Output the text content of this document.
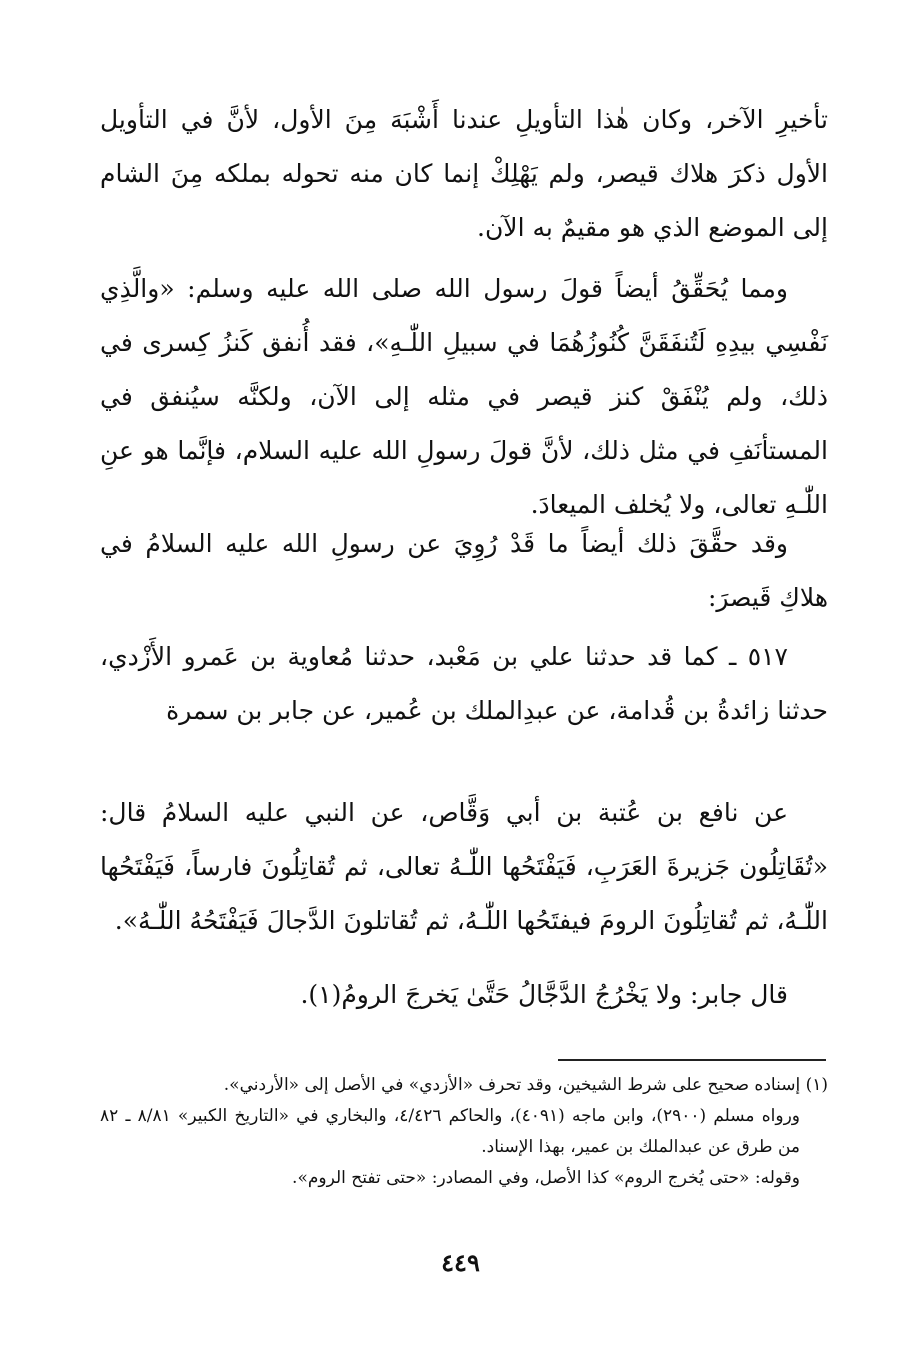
تأخيرِ الآخر، وكان هٰذا التأويلِ عندنا أَشْبَهَ مِنَ الأول، لأنَّ في التأويل الأول ذكرَ هلاك قيصر، ولم يَهْلِكْ إنما كان منه تحوله بملكه مِنَ الشام إلى الموضع الذي هو مقيمٌ به الآن.

ومما يُحَقِّقُ أيضاً قولَ رسول الله صلى الله عليه وسلم: «والَّذِي نَفْسِي بيدِهِ لَتُنفَقَنَّ كُنُوزُهُمَا في سبيلِ اللّٰـهِ»، فقد أُنفق كَنزُ كِسرى في ذلك، ولم يُنْفَقْ كنز قيصر في مثله إلى الآن، ولكنَّه سيُنفق في المستأنَفِ في مثل ذلك، لأنَّ قولَ رسولِ الله عليه السلام، فإنَّما هو عنِ اللّٰـهِ تعالى، ولا يُخلف الميعادَ.

وقد حقَّقَ ذلك أيضاً ما قَدْ رُوِيَ عن رسولِ الله عليه السلامُ في هلاكِ قَيصرَ:

٥١٧ ـ كما قد حدثنا علي بن مَعْبد، حدثنا مُعاوية بن عَمرو الأَزْدي، حدثنا زائدةُ بن قُدامة، عن عبدِالملك بن عُمير، عن جابر بن سمرة

عن نافع بن عُتبة بن أبي وَقَّاص، عن النبي عليه السلامُ قال: «تُقَاتِلُون جَزيرةَ العَرَبِ، فَيَفْتَحُها اللّٰـهُ تعالى، ثم تُقاتِلُونَ فارساً، فَيَفْتَحُها اللّٰـهُ، ثم تُقاتِلُونَ الرومَ فيفتَحُها اللّٰـهُ، ثم تُقاتلونَ الدَّجالَ فَيَفْتَحُهُ اللّٰـهُ».

قال جابر: ولا يَخْرُجُ الدَّجَّالُ حَتَّىٰ يَخرجَ الرومُ(١).

(١) إسناده صحيح على شرط الشيخين، وقد تحرف «الأزدي» في الأصل إلى «الأردني».
ورواه مسلم (٢٩٠٠)، وابن ماجه (٤٠٩١)، والحاكم ٤/٤٢٦، والبخاري في «التاريخ الكبير» ٨/٨١ ـ ٨٢ من طرق عن عبدالملك بن عمير، بهذا الإسناد.
وقوله: «حتى يُخرج الروم» كذا الأصل، وفي المصادر: «حتى تفتح الروم».
٤٤٩
